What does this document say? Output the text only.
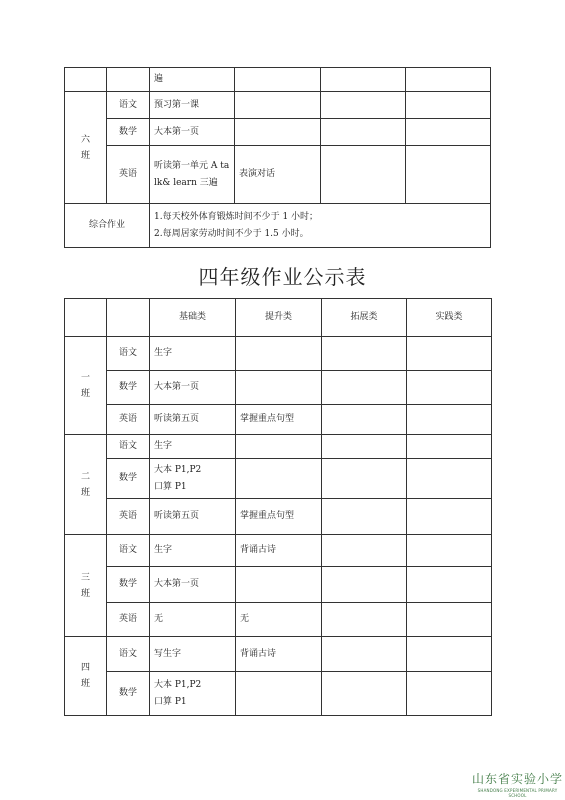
		遍			
六
班	语文	预习第一课			
	数学	大本第一页			
	英语	听读第一单元 A talk& learn 三遍	表演对话		
综合作业		1.每天校外体育锻炼时间不少于 1 小时；
2.每周居家劳动时间不少于 1.5 小时。			
四年级作业公示表
		基础类	提升类	拓展类	实践类
一
班	语文	生字			
	数学	大本第一页			
	英语	听读第五页	掌握重点句型		
二
班	语文	生字			
	数学	大本 P1,P2
口算 P1			

	英语	听读第五页	掌握重点句型		
三
班	语文	生字	背诵古诗		
	数学	大本第一页			
	英语	无	无		
四
班	语文	写生字	背诵古诗		
	数学	大本 P1,P2
口算 P1			

山东省实验小学
SHANDONG EXPERIMENTAL PRIMARY SCHOOL
